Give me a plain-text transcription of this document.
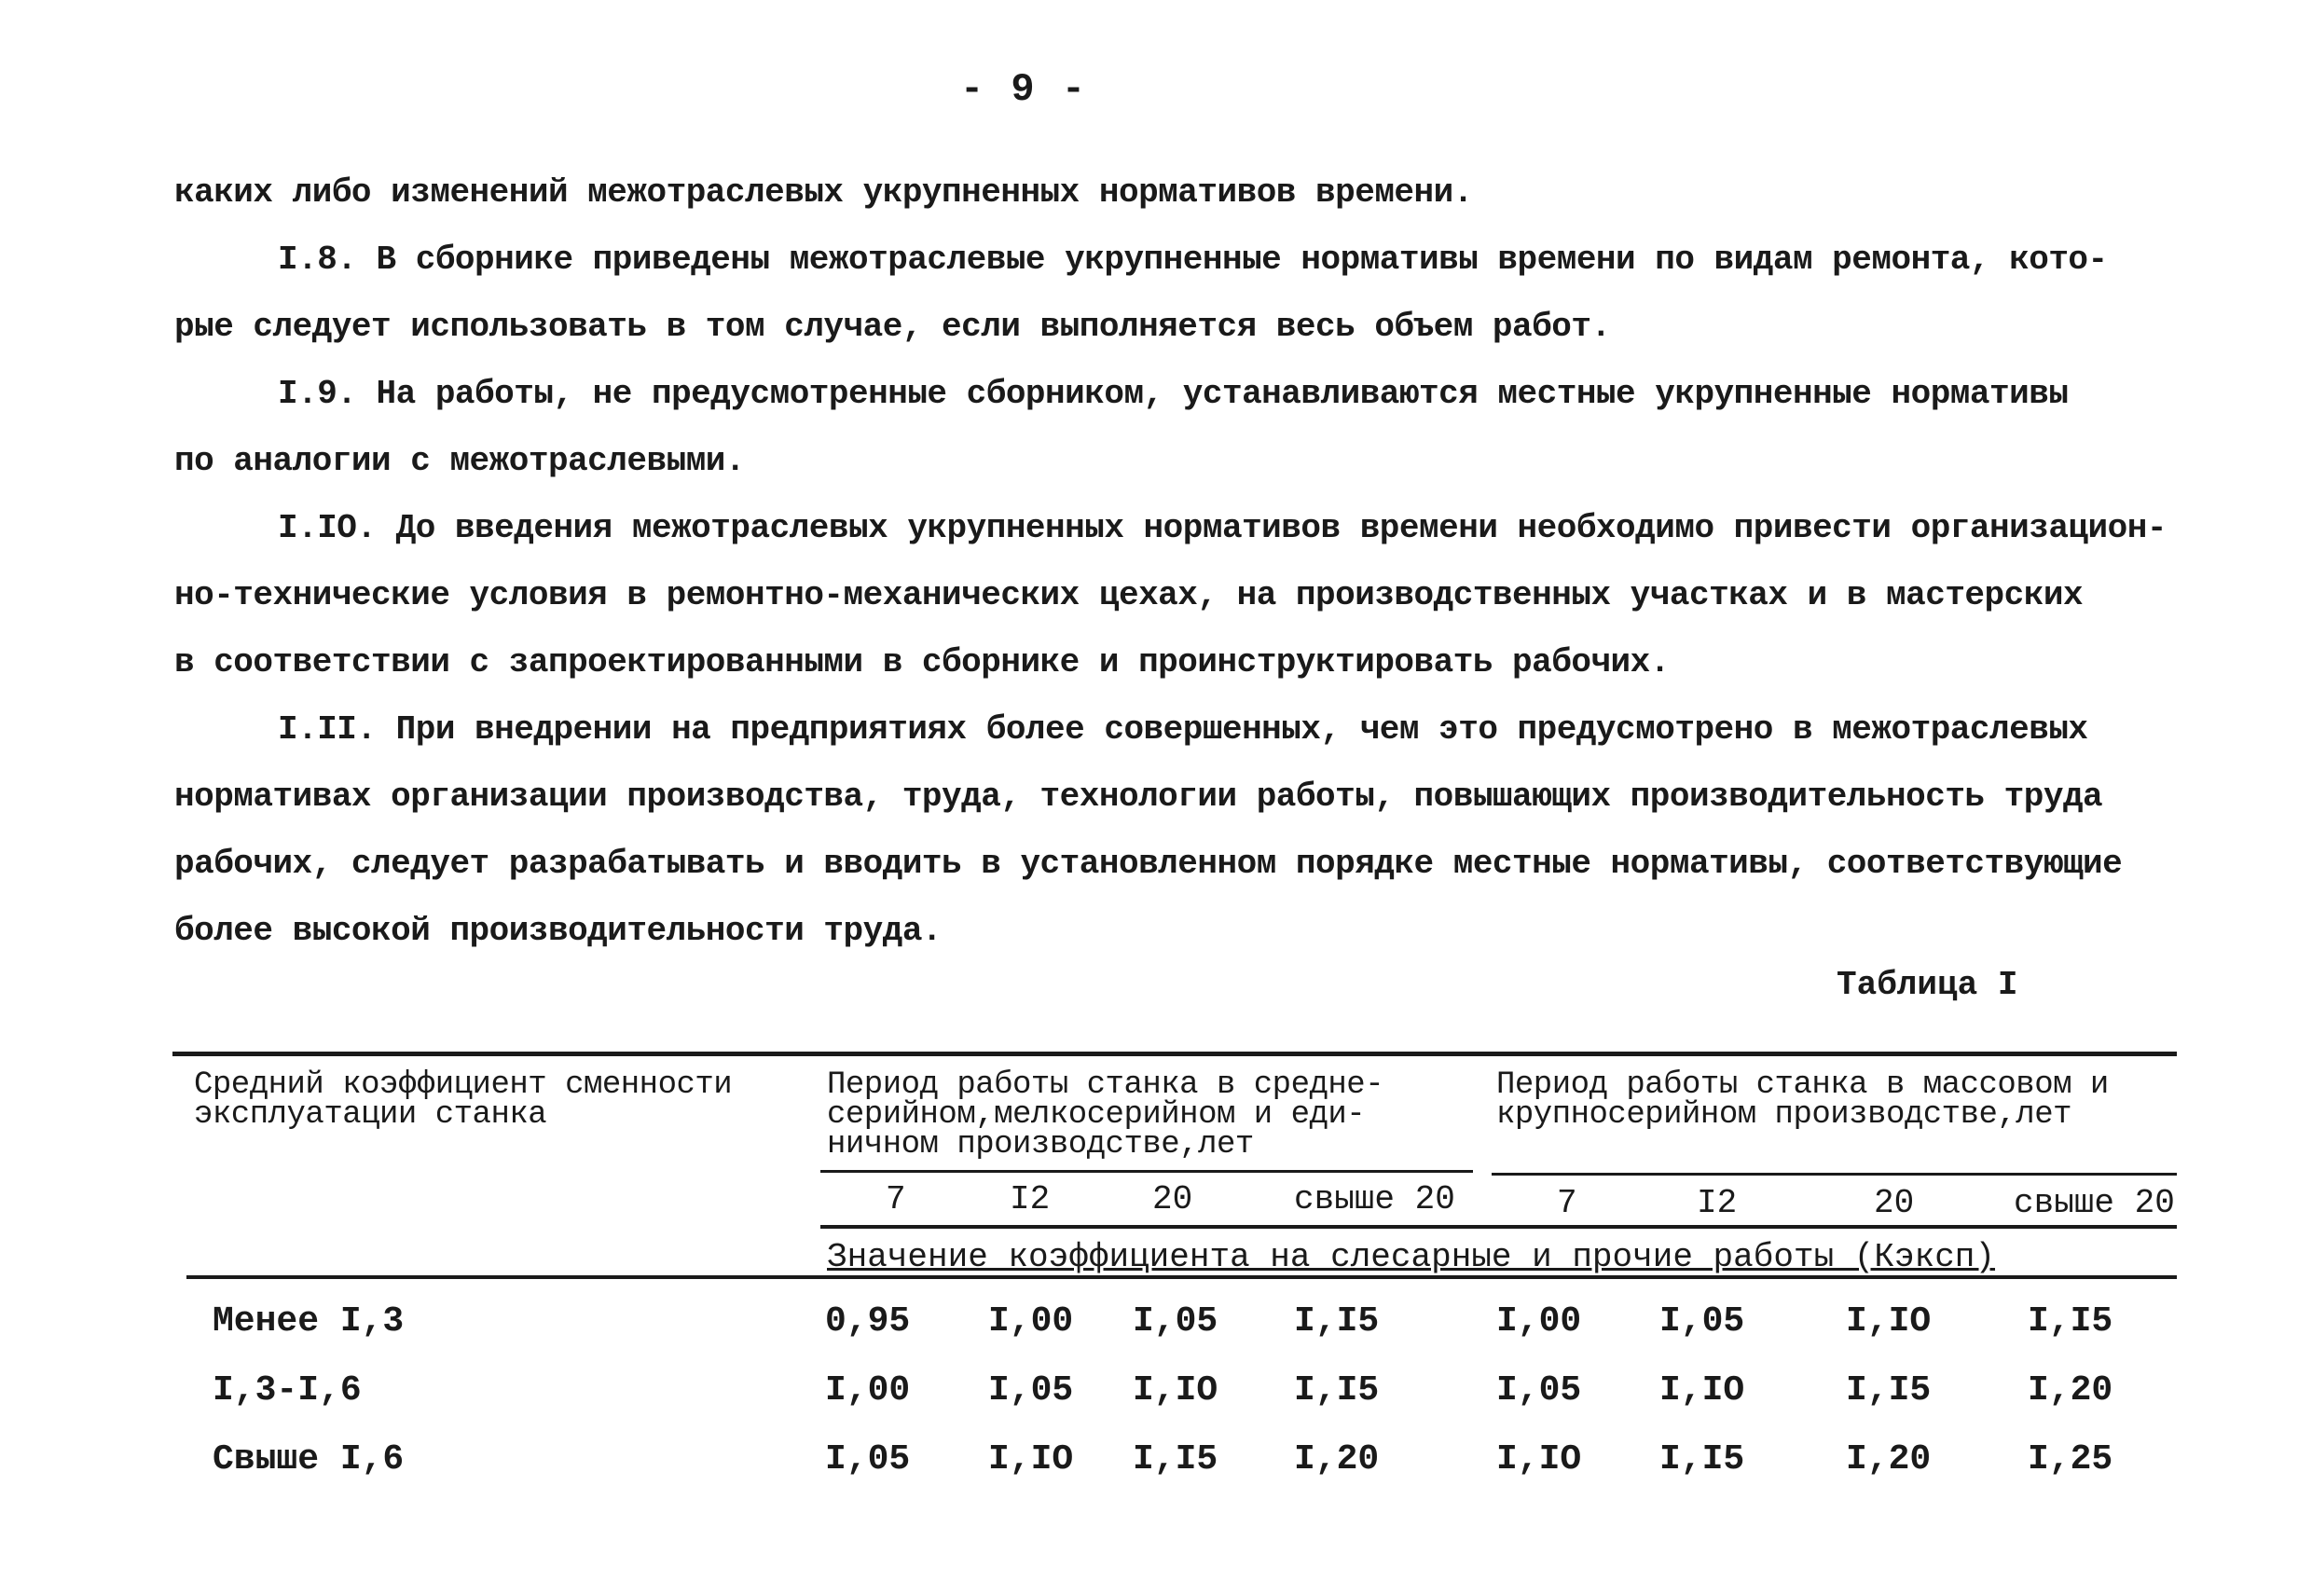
- 9 -
каких либо изменений межотраслевых укрупненных нормативов времени.
I.8. В сборнике приведены межотраслевые укрупненные нормативы времени по видам ремонта, кото-
рые следует использовать в том случае, если выполняется весь объем работ.
I.9. На работы, не предусмотренные сборником, устанавливаются местные укрупненные нормативы
по аналогии с межотраслевыми.
I.IO. До введения межотраслевых укрупненных нормативов времени необходимо привести организацион-
но-технические условия в ремонтно-механических цехах, на производственных участках и в мастерских
в соответствии с запроектированными в сборнике и проинструктировать рабочих.
I.II. При внедрении на предприятиях более совершенных, чем это предусмотрено в межотраслевых
нормативах организации производства, труда, технологии работы, повышающих производительность труда
рабочих, следует разрабатывать и вводить в установленном порядке местные нормативы, соответствующие
более высокой производительности труда.
Таблица I
Средний коэффициент сменности
эксплуатации станка
Период работы станка в средне-
серийном,мелкосерийном и еди-
ничном производстве,лет
Период работы станка в массовом и
крупносерийном производстве,лет
7	I2	20	свыше 20	7	I2	20	свыше 20
Значение коэффициента на слесарные и прочие работы (Кэксп)
Менее I,3	0,95 I,00 I,05 I,I5	I,00 I,05	I,IO	I,I5
I,3-I,6	I,00 I,05 I,IO I,I5	I,05 I,IO	I,I5	I,20
Свыше I,6	I,05 I,IO I,I5 I,20	I,IO I,I5	I,20	I,25
